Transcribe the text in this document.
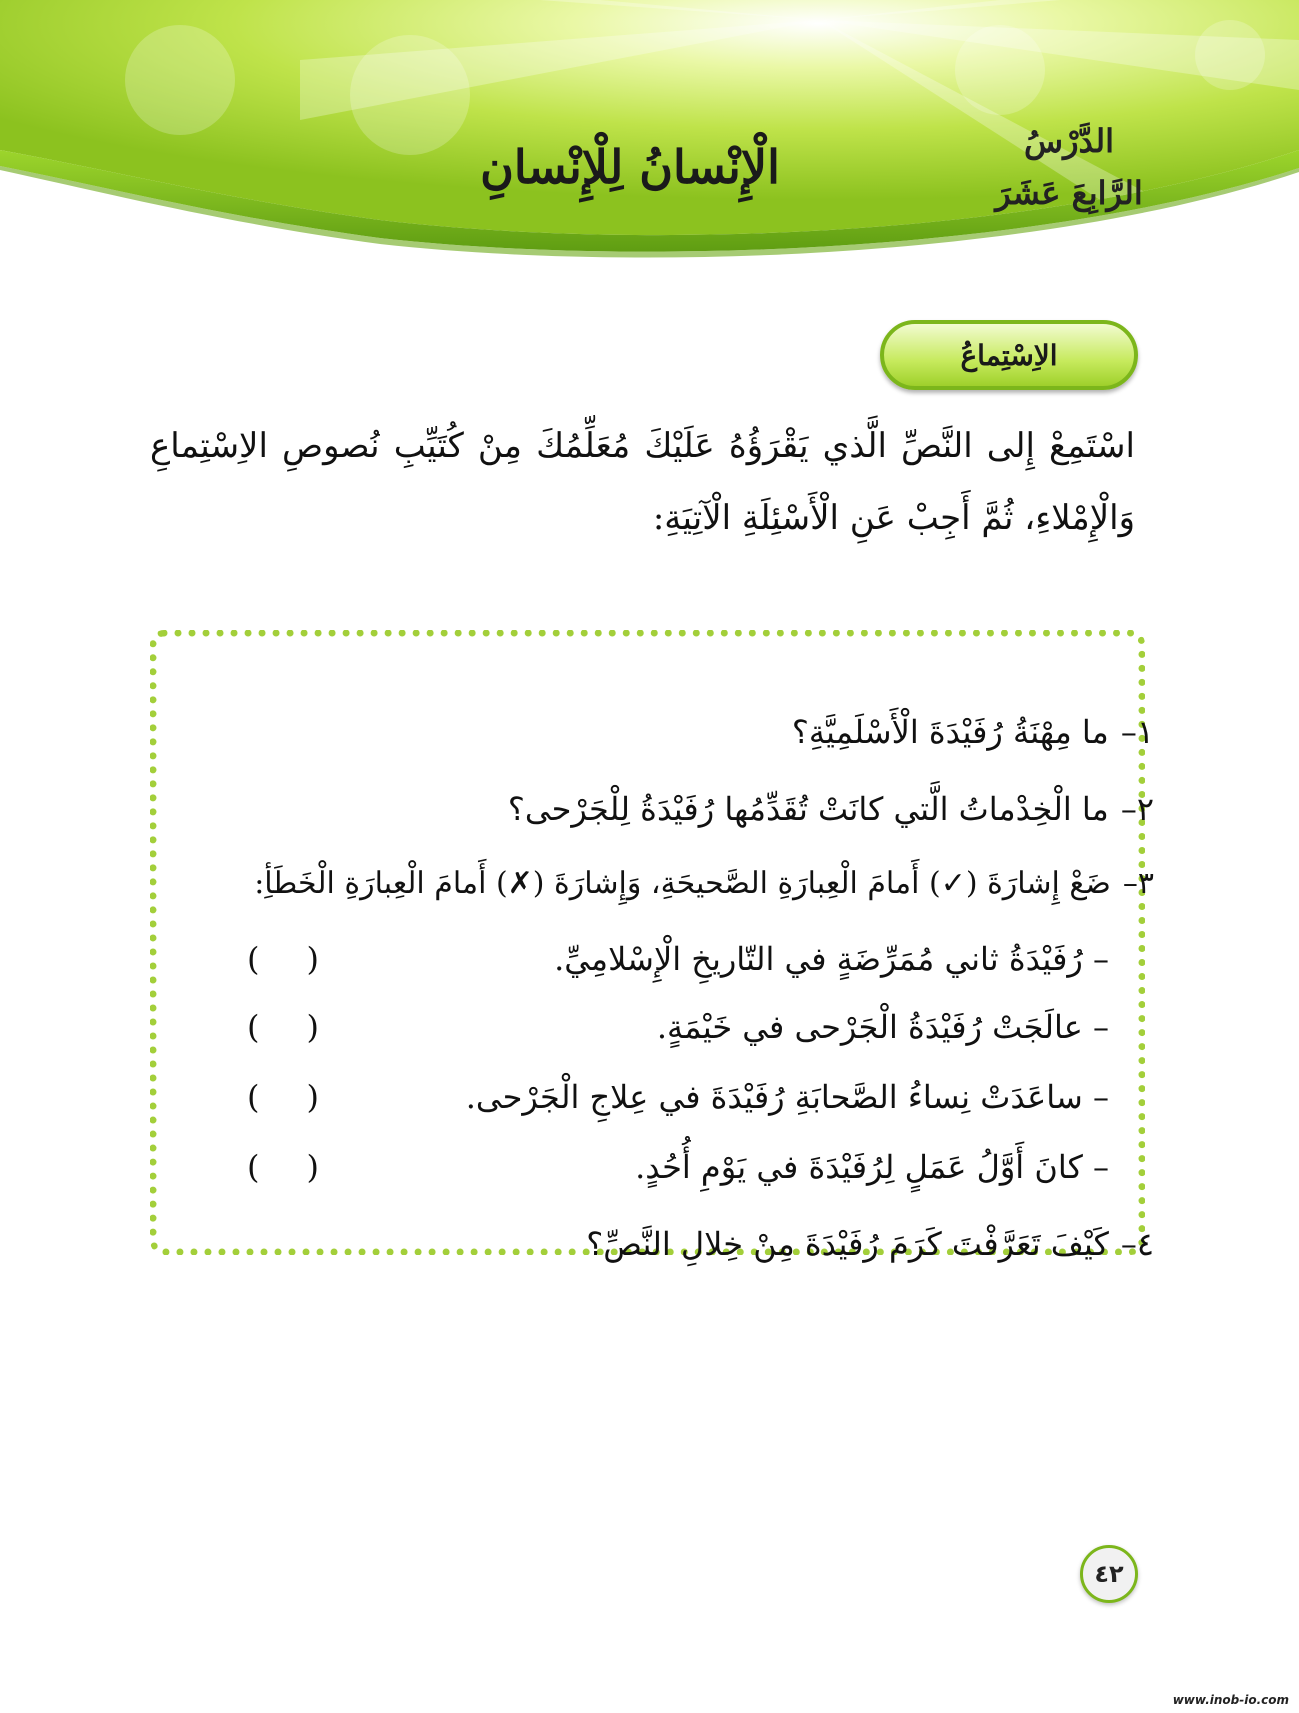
الدَّرْسُ
الرَّابِعَ عَشَرَ
الْإِنْسانُ لِلْإِنْسانِ
الاِسْتِماعُ
اسْتَمِعْ إِلى النَّصِّ الَّذي يَقْرَؤُهُ عَلَيْكَ مُعَلِّمُكَ مِنْ كُتَيِّبِ نُصوصِ الاِسْتِماعِ وَالْإِمْلاءِ، ثُمَّ أَجِبْ عَنِ الْأَسْئِلَةِ الْآتِيَةِ:
١–ما مِهْنَةُ رُفَيْدَةَ الْأَسْلَمِيَّةِ؟
٢–ما الْخِدْماتُ الَّتي كانَتْ تُقَدِّمُها رُفَيْدَةُ لِلْجَرْحى؟
٣–ضَعْ إِشارَةَ (✓) أَمامَ الْعِبارَةِ الصَّحيحَةِ، وَإِشارَةَ (✗) أَمامَ الْعِبارَةِ الْخَطَأِ:
– رُفَيْدَةُ ثاني مُمَرِّضَةٍ في التّاريخِ الْإِسْلامِيِّ.
( )
– عالَجَتْ رُفَيْدَةُ الْجَرْحى في خَيْمَةٍ.
( )
– ساعَدَتْ نِساءُ الصَّحابَةِ رُفَيْدَةَ في عِلاجِ الْجَرْحى.
( )
– كانَ أَوَّلُ عَمَلٍ لِرُفَيْدَةَ في يَوْمِ أُحُدٍ.
( )
٤–كَيْفَ تَعَرَّفْتَ كَرَمَ رُفَيْدَةَ مِنْ خِلالِ النَّصِّ؟
٤٢
www.inob-io.com
